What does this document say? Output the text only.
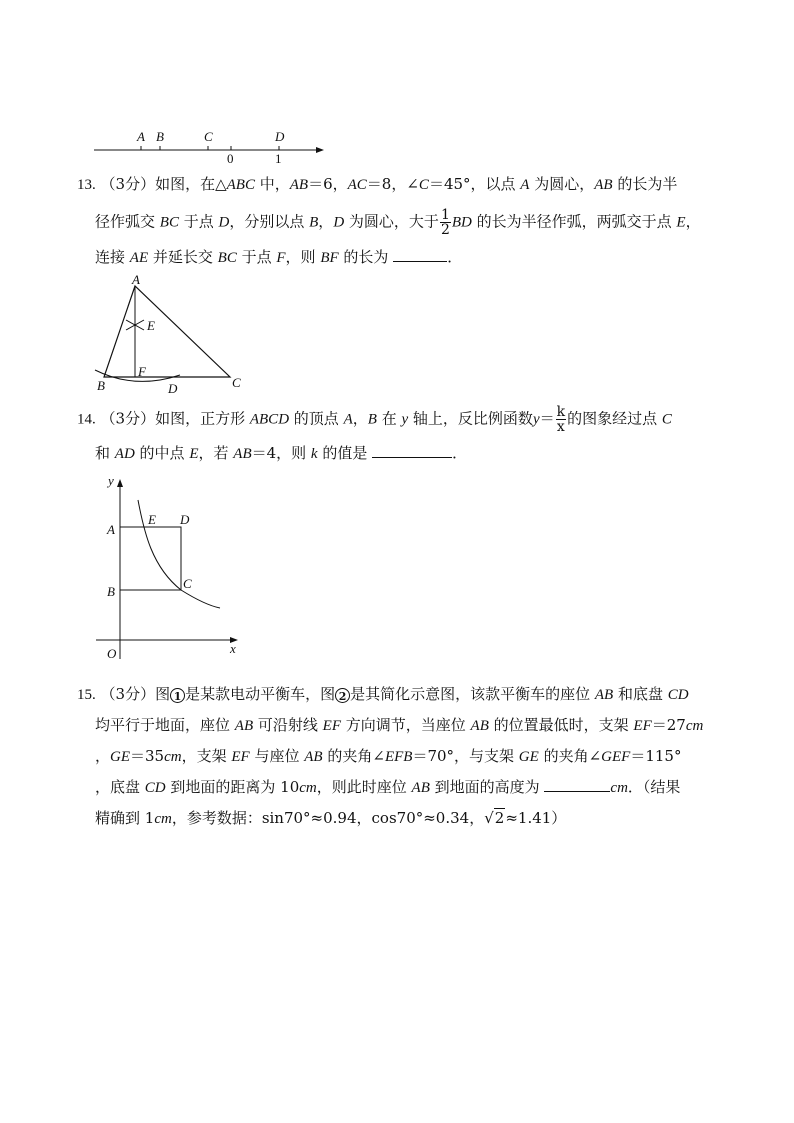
A B	C	D
0	1
13. （3分）如图，在△ABC 中，AB＝6，AC＝8，∠C＝45°，以点 A 为圆心，AB 的长为半
径作弧交 BC 于点 D，分别以点 B，D 为圆心，大于 $\frac{1}{2}$ BD 的长为半径作弧，两弧交于点 E，
连接 AE 并延长交 BC 于点 F，则 BF 的长为	．
A
E
F
B	D	C
14. （3分）如图，正方形 ABCD 的顶点 A，B 在 y 轴上，反比例函数$y= \frac{k}{x}$ 的图象经过点 C
和 AD 的中点 E，若 AB＝4，则 k 的值是	．
y
A
E D
B
C
O	x
15. （3分）图 1 是某款电动平衡车，图 2 是其简化示意图，该款平衡车的座位 AB 和底盘 CD
均平行于地面，座位 AB 可沿射线 EF 方向调节，当座位 AB 的位置最低时，支架 EF＝27cm
，GE＝35cm，支架 EF 与座位 AB 的夹角∠EFB＝70°，与支架 GE 的夹角∠GEF＝115°
，底盘 CD 到地面的距离为 10cm，则此时座位 AB 到地面的高度为	cm．（结果
精确到 1cm，参考数据：sin70°≈0.94，cos70°≈0.34，√2≈1.41）
